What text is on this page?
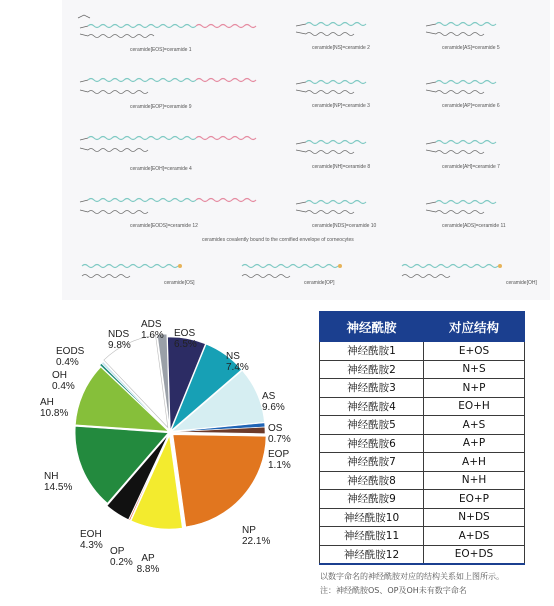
ceramide[EOS]=ceramide 1	ceramide[NS]=ceramide 2	ceramide[AS]=ceramide 5
ceramide[EOP]=ceramide 9	ceramide[NP]=ceramide 3	ceramide[AP]=ceramide 6
ceramide[EOH]=ceramide 4	ceramide[NH]=ceramide 8	ceramide[AH]=ceramide 7
ceramide[EODS]=ceramide 12	ceramide[NDS]=ceramide 10	ceramide[ADS]=ceramide 11
ceramides covalently bound to the cornified envelope of corneocytes
ceramide[OS]	ceramide[OP]	ceramide[OH]
EOS
6.5%
NS
7.4%
AS
9.6%
OS
0.7%
EOP
1.1%
NP
22.1%
AP
8.8%
OP
0.2%
EOH
4.3%
NH
14.5%
AH
10.8%
OH
0.4%
EODS
0.4%
NDS
9.8%
ADS
1.6%
神经酰胺	对应结构
神经酰胺1	E+OS
神经酰胺2	N+S
神经酰胺3	N+P
神经酰胺4	EO+H
神经酰胺5	A+S
神经酰胺6	A+P
神经酰胺7	A+H
神经酰胺8	N+H
神经酰胺9	EO+P
神经酰胺10	N+DS
神经酰胺11	A+DS
神经酰胺12	EO+DS
以数字命名的神经酰胺对应的结构关系如上图所示。
注：神经酰胺OS、OP及OH未有数字命名
